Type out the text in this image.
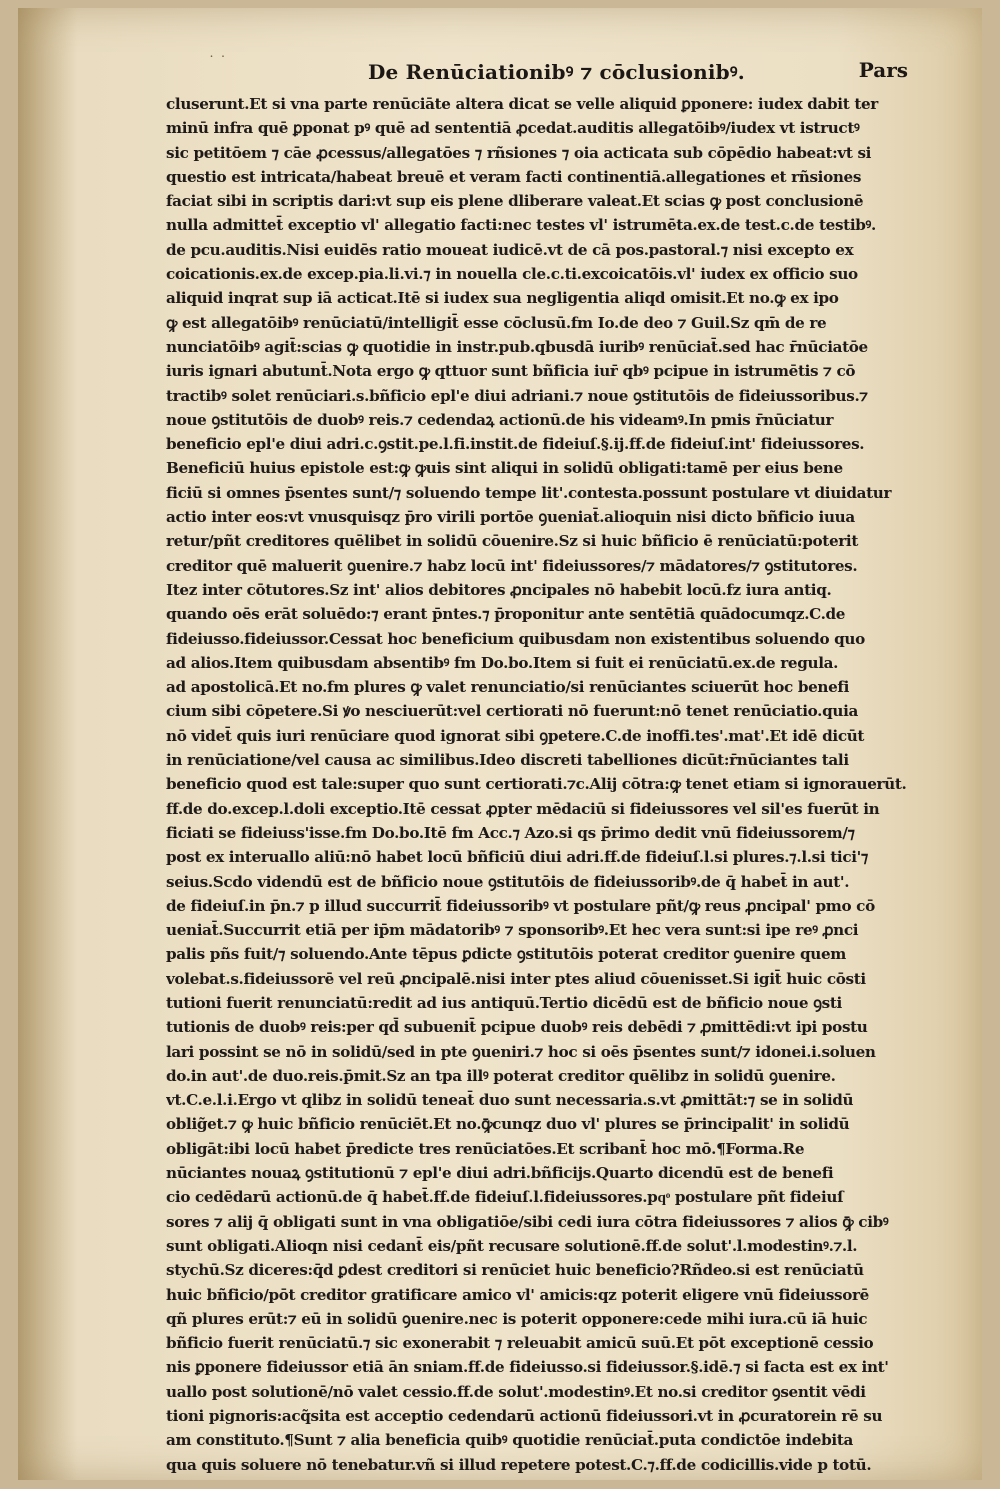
˙ ˙	De Renūciationibꝰ ⁊ cōclusionibꝰ.	Pars
cluserunt.Et si vna parte renūciāte altera dicat se velle aliquid ꝑponere: iudex dabit ter
minū infra quē ꝑponat pꝰ quē ad sententiā ꝓcedat.auditis allegatōibꝰ/iudex vt istructꝰ
sic petitōem ⁊ cāe ꝓcessus/allegatōes ⁊ rñsiones ⁊ oia acticata sub cōpēdio habeat:vt si
questio est intricata/habeat breuē et veram facti continentiā.allegationes et rñsiones
faciat sibi in scriptis dari:vt sup eis plene dliberare valeat.Et scias ꝙ post conclusionē
nulla admittet̄ exceptio vl' allegatio facti:nec testes vl' istrumēta.ex.de test.c.de testibꝰ.
de pcu.auditis.Nisi euidēs ratio moueat iudicē.vt de cā pos.pastoral.⁊ nisi excepto ex
coicationis.ex.de excep.pia.li.vi.⁊ in nouella cle.c.ti.excoicatōis.vl' iudex ex officio suo
aliquid inqrat sup iā acticat.Itē si iudex sua negligentia aliqd omisit.Et no.ꝙ ex ipo
ꝙ est allegatōibꝰ renūciatū/intelligit̄ esse cōclusū.fm Io.de deo ⁊ Guil.Sz qm̄ de re
nunciatōibꝰ agit̄:scias ꝙ quotidie in instr.pub.qbusdā iuribꝰ renūciat̄.sed hac r̄nūciatōe
iuris ignari abutunt̄.Nota ergo ꝙ qttuor sunt bñficia iur̄ qbꝰ pcipue in istrumētis ⁊ cō
tractibꝰ solet renūciari.s.bñficio epl'e diui adriani.⁊ noue ꝯstitutōis de fideiussoribus.⁊
noue ꝯstitutōis de duobꝰ reis.⁊ cedendaꝝ actionū.de his videamꝰ.In pmis r̄nūciatur
beneficio epl'e diui adri.c.ꝯstit.pe.l.fi.instit.de fideiuſ.§.ij.ff.de fideiuſ.int' fideiussores.
Beneficiū huius epistole est:ꝙ ꝙuis sint aliqui in solidū obligati:tamē per eius bene
ficiū si omnes p̄sentes sunt/⁊ soluendo tempe lit'.contesta.possunt postulare vt diuidatur
actio inter eos:vt vnusquisqz p̄ro virili portōe ꝯueniat̄.alioquin nisi dicto bñficio iuua
retur/pñt creditores quēlibet in solidū cōuenire.Sz si huic bñficio ē renūciatū:poterit
creditor quē maluerit ꝯuenire.⁊ habz locū int' fideiussores/⁊ mādatores/⁊ ꝯstitutores.
Itez inter cōtutores.Sz int' alios debitores ꝓncipales nō habebit locū.fz iura antiq.
quando oēs erāt soluēdo:⁊ erant p̄ntes.⁊ p̄roponitur ante sentētiā quādocumqz.C.de
fideiusso.fideiussor.Cessat hoc beneficium quibusdam non existentibus soluendo quo
ad alios.Item quibusdam absentibꝰ fm Do.bo.Item si fuit ei renūciatū.ex.de regula.
ad apostolicā.Et no.fm plures ꝙ valet renunciatio/si renūciantes sciuerūt hoc benefi
cium sibi cōpetere.Si ꝟo nesciuerūt:vel certiorati nō fuerunt:nō tenet renūciatio.quia
nō videt̄ quis iuri renūciare quod ignorat sibi ꝯpetere.C.de inoffi.tes'.mat'.Et idē dicūt
in renūciatione/vel causa ac similibus.Ideo discreti tabelliones dicūt:r̄nūciantes tali
beneficio quod est tale:super quo sunt certiorati.⁊c.Alij cōtra:ꝙ tenet etiam si ignorauerūt.
ff.de do.excep.l.doli exceptio.Itē cessat ꝓpter mēdaciū si fideiussores vel sil'es fuerūt in
ficiati se fideiuss'isse.fm Do.bo.Itē fm Acc.⁊ Azo.si qs p̄rimo dedit vnū fideiussorem/⁊
post ex interuallo aliū:nō habet locū bñficiū diui adri.ff.de fideiuſ.l.si plures.⁊.l.si tici'⁊
seius.Scdo videndū est de bñficio noue ꝯstitutōis de fideiussoribꝰ.de q̄ habet̄ in aut'.
de fideiuſ.in p̄n.⁊ p illud succurrit̄ fideiussoribꝰ vt postulare pñt/ꝙ reus ꝓncipal' pmo cō
ueniat̄.Succurrit etiā per ip̄m mādatoribꝰ ⁊ sponsoribꝰ.Et hec vera sunt:si ipe reꝰ ꝓnci
palis pñs fuit/⁊ soluendo.Ante tēpus ꝑdicte ꝯstitutōis poterat creditor ꝯuenire quem
volebat.s.fideiussorē vel reū ꝓncipalē.nisi inter ptes aliud cōuenisset.Si igit̄ huic cōsti
tutioni fuerit renunciatū:redit ad ius antiquū.Tertio dicēdū est de bñficio noue ꝯsti
tutionis de duobꝰ reis:per qd̄ subuenit̄ pcipue duobꝰ reis debēdi ⁊ ꝓmittēdi:vt ipi postu
lari possint se nō in solidū/sed in pte ꝯueniri.⁊ hoc si oēs p̄sentes sunt/⁊ idonei.i.soluen
do.in aut'.de duo.reis.p̄mit.Sz an tpa illꝰ poterat creditor quēlibz in solidū ꝯuenire.
vt.C.e.l.i.Ergo vt qlibz in solidū teneat̄ duo sunt necessaria.s.vt ꝓmittāt:⁊ se in solidū
oblig̃et.⁊ ꝙ huic bñficio renūciēt.Et no.ꝙ̄cunqz duo vl' plures se p̄rincipalit' in solidū
obligāt:ibi locū habet p̄redicte tres renūciatōes.Et scribant̄ hoc mō.¶Forma.Re
nūciantes nouaꝝ ꝯstitutionū ⁊ epl'e diui adri.bñficijs.Quarto dicendū est de benefi
cio cedēdarū actionū.de q̄ habet̄.ff.de fideiuſ.l.fideiussores.pqͦ postulare pñt fideiuſ
sores ⁊ alij q̄ obligati sunt in vna obligatiōe/sibi cedi iura cōtra fideiussores ⁊ alios ꝙ̄ cibꝰ
sunt obligati.Alioqn nisi cedant̄ eis/pñt recusare solutionē.ff.de solut'.l.modestinꝰ.⁊.l.
stychū.Sz diceres:q̄d ꝑdest creditori si renūciet huic beneficio?Rñdeo.si est renūciatū
huic bñficio/pōt creditor gratificare amico vl' amicis:qz poterit eligere vnū fideiussorē
qñ plures erūt:⁊ eū in solidū ꝯuenire.nec is poterit opponere:cede mihi iura.cū iā huic
bñficio fuerit renūciatū.⁊ sic exonerabit ⁊ releuabit amicū suū.Et pōt exceptionē cessio
nis ꝑponere fideiussor etiā ān sniam.ff.de fideiusso.si fideiussor.§.idē.⁊ si facta est ex int'
uallo post solutionē/nō valet cessio.ff.de solut'.modestinꝰ.Et no.si creditor ꝯsentit vēdi
tioni pignoris:acq̃sita est acceptio cedendarū actionū fideiussori.vt in ꝓcuratorein rē su
am constituto.¶Sunt ⁊ alia beneficia quibꝰ quotidie renūciat̄.puta condictōe indebita
qua quis soluere nō tenebatur.vñ si illud repetere potest.C.⁊.ff.de codicillis.vide p totū.
